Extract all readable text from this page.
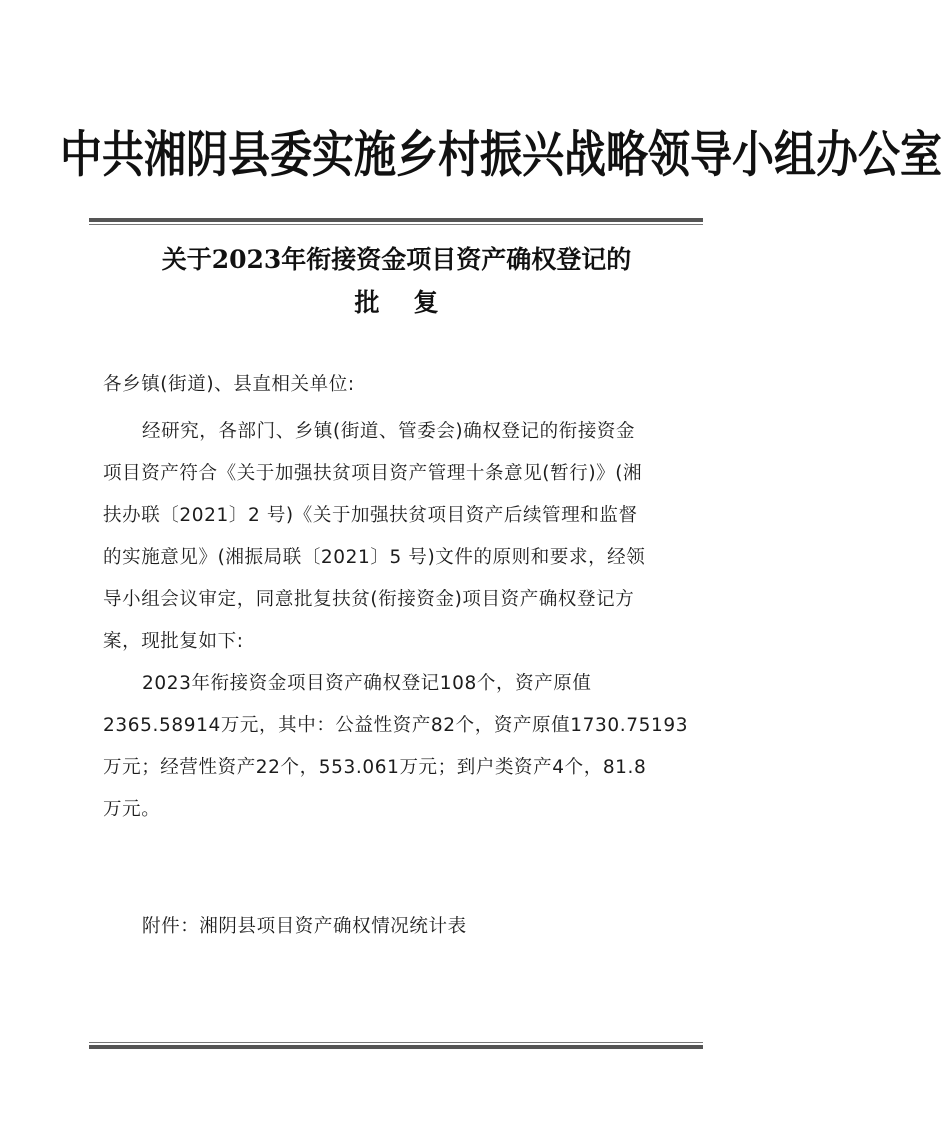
中共湘阴县委实施乡村振兴战略领导小组办公室
关于2023年衔接资金项目资产确权登记的
批复
各乡镇(街道)、县直相关单位:
经研究，各部门、乡镇(街道、管委会)确权登记的衔接资金
项目资产符合《关于加强扶贫项目资产管理十条意见(暂行)》(湘
扶办联〔2021〕2 号)《关于加强扶贫项目资产后续管理和监督
的实施意见》(湘振局联〔2021〕5 号)文件的原则和要求，经领
导小组会议审定，同意批复扶贫(衔接资金)项目资产确权登记方
案，现批复如下:
2023年衔接资金项目资产确权登记108个，资产原值
2365.58914万元，其中：公益性资产82个，资产原值1730.75193
万元；经营性资产22个，553.061万元；到户类资产4个，81.8
万元。
附件：湘阴县项目资产确权情况统计表
